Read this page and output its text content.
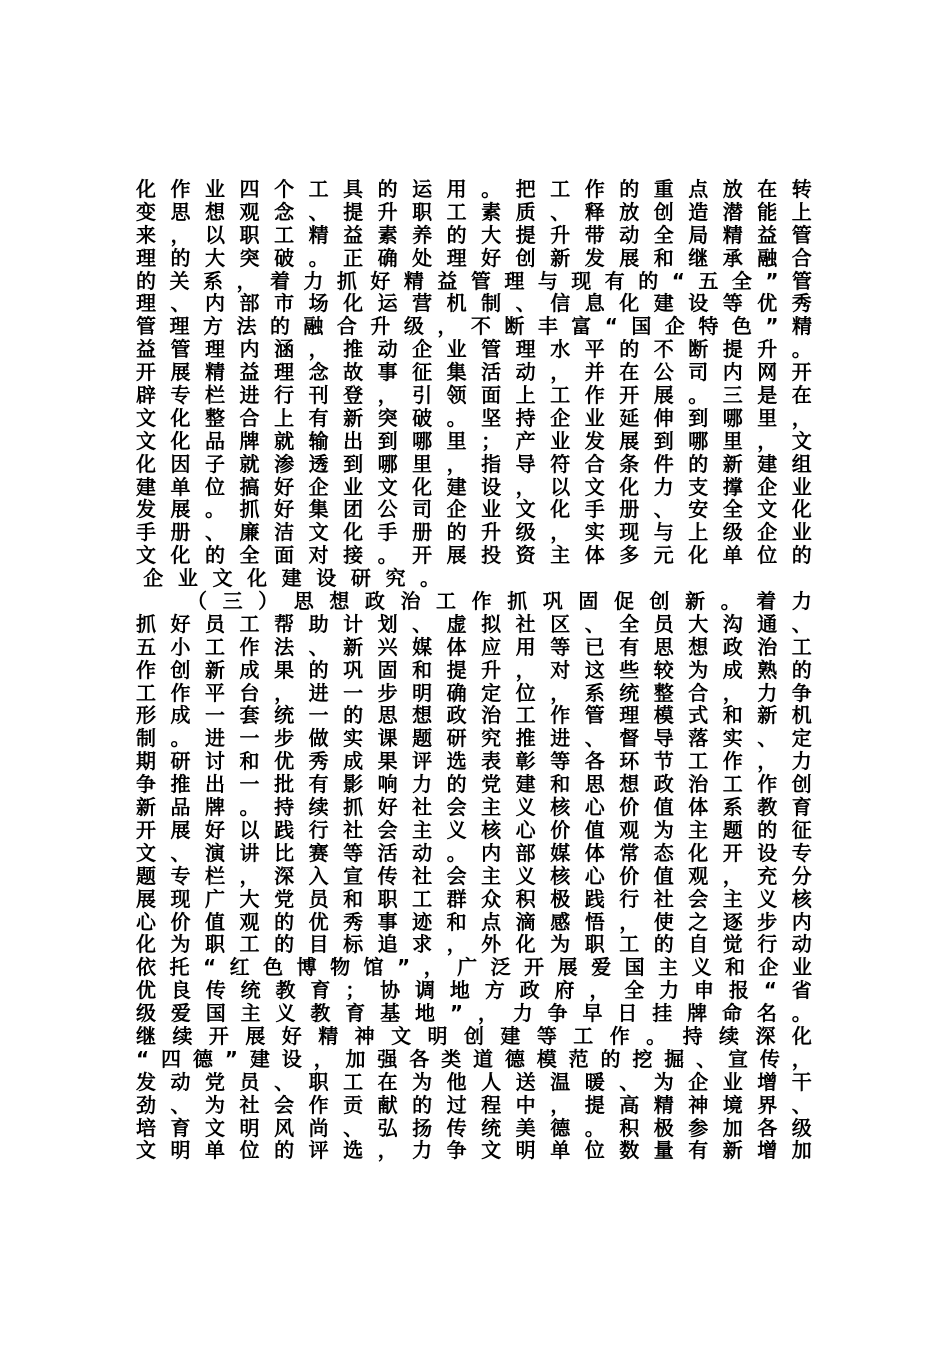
化 作 业 四 个 工 具 的 运 用 。 把 工 作 的 重 点 放 在 转
变 思 想 观 念 、 提 升 职 工 素 质 、 释 放 创 造 潜 能 上
来 ， 以 职 工 精 益 素 养 的 大 提 升 带 动 全 局 精 益 管
理 的 大 突 破 。 正 确 处 理 好 创 新 发 展 和 继 承 融 合
的 关 系 ， 着 力 抓 好 精 益 管 理 与 现 有 的 “ 五 全 ” 管
理 、 内 部 市 场 化 运 营 机 制 、 信 息 化 建 设 等 优 秀
管 理 方 法 的 融 合 升 级 ， 不 断 丰 富 “ 国 企 特 色 ” 精
益 管 理 内 涵 ， 推 动 企 业 管 理 水 平 的 不 断 提 升 。
开 展 精 益 理 念 故 事 征 集 活 动 ， 并 在 公 司 内 网 开
辟 专 栏 进 行 刊 登 ， 引 领 面 上 工 作 开 展 。 三 是 在
文 化 整 合 上 有 新 突 破 。 坚 持 企 业 延 伸 到 哪 里 ，
文 化 品 牌 就 输 出 到 哪 里 ； 产 业 发 展 到 哪 里 ， 文
化 因 子 就 渗 透 到 哪 里 ， 指 导 符 合 条 件 的 新 建 组
建 单 位 搞 好 企 业 文 化 建 设 ， 以 文 化 力 支 撑 企 业
发 展 。 抓 好 集 团 公 司 企 业 文 化 手 册 、 安 全 文 化
手 册 、 廉 洁 文 化 手 册 的 升 级 ， 实 现 与 上 级 企 业
文 化 的 全 面 对 接 。 开 展 投 资 主 体 多 元 化 单 位 的
企 业 文 化 建 设 研 究 。
（ 三 ） 思 想 政 治 工 作 抓 巩 固 促 创 新 。 着 力
抓 好 员 工 帮 助 计 划 、 虚 拟 社 区 、 全 员 大 沟 通 、
五 小 工 作 法 、 新 兴 媒 体 应 用 等 已 有 思 想 政 治 工
作 创 新 成 果 的 巩 固 和 提 升 ， 对 这 些 较 为 成 熟 的
工 作 平 台 ， 进 一 步 明 确 定 位 ， 系 统 整 合 ， 力 争
形 成 一 套 统 一 的 思 想 政 治 工 作 管 理 模 式 和 新 机
制 。 进 一 步 做 实 课 题 研 究 推 进 、 督 导 落 实 、 定
期 研 讨 和 优 秀 成 果 评 选 表 彰 等 各 环 节 工 作 ， 力
争 推 出 一 批 有 影 响 力 的 党 建 和 思 想 政 治 工 作 创
新 品 牌 。 持 续 抓 好 社 会 主 义 核 心 价 值 体 系 教 育
开 展 好 以 践 行 社 会 主 义 核 心 价 值 观 为 主 题 的 征
文 、 演 讲 比 赛 等 活 动 。 内 部 媒 体 常 态 化 开 设 专
题 专 栏 ， 深 入 宣 传 社 会 主 义 核 心 价 值 观 ， 充 分
展 现 广 大 党 员 和 职 工 群 众 积 极 践 行 社 会 主 义 核
心 价 值 观 的 优 秀 事 迹 和 点 滴 感 悟 ， 使 之 逐 步 内
化 为 职 工 的 目 标 追 求 ， 外 化 为 职 工 的 自 觉 行 动
依 托 “ 红 色 博 物 馆 ” ， 广 泛 开 展 爱 国 主 义 和 企 业
优 良 传 统 教 育 ； 协 调 地 方 政 府 ， 全 力 申 报 “ 省
级 爱 国 主 义 教 育 基 地 ” ， 力 争 早 日 挂 牌 命 名 。
继 续 开 展 好 精 神 文 明 创 建 等 工 作 。 持 续 深 化
“ 四 德 ” 建 设 ， 加 强 各 类 道 德 模 范 的 挖 掘 、 宣 传 ，
发 动 党 员 、 职 工 在 为 他 人 送 温 暖 、 为 企 业 增 干
劲 、 为 社 会 作 贡 献 的 过 程 中 ， 提 高 精 神 境 界 、
培 育 文 明 风 尚 、 弘 扬 传 统 美 德 。 积 极 参 加 各 级
文 明 单 位 的 评 选 ， 力 争 文 明 单 位 数 量 有 新 增 加
